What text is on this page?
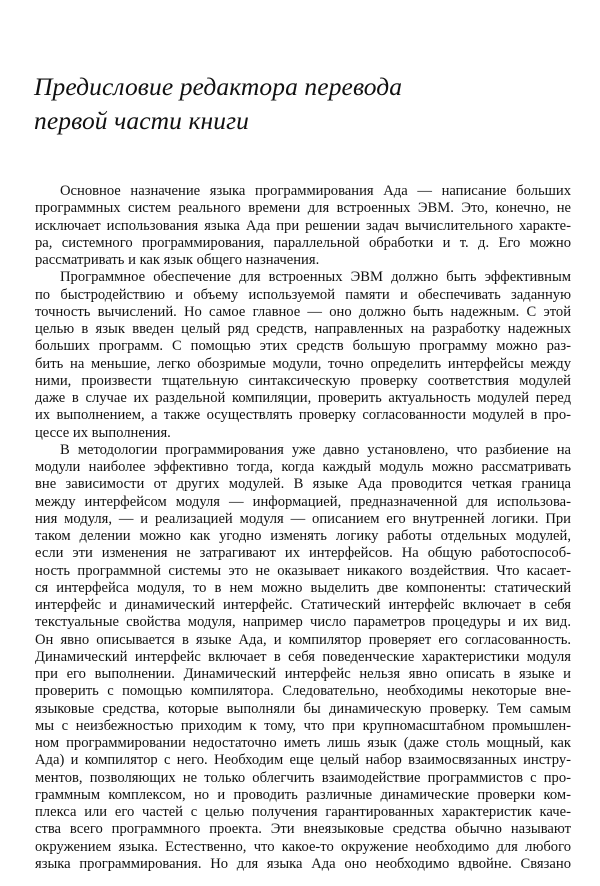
Предисловие редактора перевода
первой части книги
Основное назначение языка программирования Ада — написание больших
программных систем реального времени для встроенных ЭВМ. Это, конечно, не
исключает использования языка Ада при решении задач вычислительного характе-
ра, системного программирования, параллельной обработки и т. д. Его можно
рассматривать и как язык общего назначения.
Программное обеспечение для встроенных ЭВМ должно быть эффективным
по быстродействию и объему используемой памяти и обеспечивать заданную
точность вычислений. Но самое главное — оно должно быть надежным. С этой
целью в язык введен целый ряд средств, направленных на разработку надежных
больших программ. С помощью этих средств большую программу можно раз-
бить на меньшие, легко обозримые модули, точно определить интерфейсы между
ними, произвести тщательную синтаксическую проверку соответствия модулей
даже в случае их раздельной компиляции, проверить актуальность модулей перед
их выполнением, а также осуществлять проверку согласованности модулей в про-
цессе их выполнения.
В методологии программирования уже давно установлено, что разбиение на
модули наиболее эффективно тогда, когда каждый модуль можно рассматривать
вне зависимости от других модулей. В языке Ада проводится четкая граница
между интерфейсом модуля — информацией, предназначенной для использова-
ния модуля, — и реализацией модуля — описанием его внутренней логики. При
таком делении можно как угодно изменять логику работы отдельных модулей,
если эти изменения не затрагивают их интерфейсов. На общую работоспособ-
ность программной системы это не оказывает никакого воздействия. Что касает-
ся интерфейса модуля, то в нем можно выделить две компоненты: статический
интерфейс и динамический интерфейс. Статический интерфейс включает в себя
текстуальные свойства модуля, например число параметров процедуры и их вид.
Он явно описывается в языке Ада, и компилятор проверяет его согласованность.
Динамический интерфейс включает в себя поведенческие характеристики модуля
при его выполнении. Динамический интерфейс нельзя явно описать в языке и
проверить с помощью компилятора. Следовательно, необходимы некоторые вне-
языковые средства, которые выполняли бы динамическую проверку. Тем самым
мы с неизбежностью приходим к тому, что при крупномасштабном промышлен-
ном программировании недостаточно иметь лишь язык (даже столь мощный, как
Ада) и компилятор с него. Необходим еще целый набор взаимосвязанных инстру-
ментов, позволяющих не только облегчить взаимодействие программистов с про-
граммным комплексом, но и проводить различные динамические проверки ком-
плекса или его частей с целью получения гарантированных характеристик каче-
ства всего программного проекта. Эти внеязыковые средства обычно называют
окружением языка. Естественно, что какое-то окружение необходимо для любого
языка программирования. Но для языка Ада оно необходимо вдвойне. Связано
